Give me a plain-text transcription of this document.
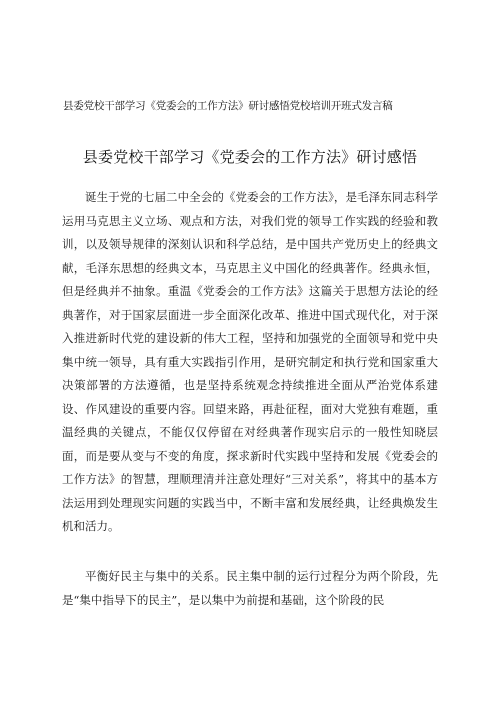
县委党校干部学习《党委会的工作方法》研讨感悟党校培训开班式发言稿
县委党校干部学习《党委会的工作方法》研讨感悟

诞生于党的七届二中全会的《党委会的工作方法》，是毛泽东同志科学运用马克思主义立场、观点和方法，对我们党的领导工作实践的经验和教训，以及领导规律的深刻认识和科学总结，是中国共产党历史上的经典文献，毛泽东思想的经典文本，马克思主义中国化的经典著作。经典永恒，但是经典并不抽象。重温《党委会的工作方法》这篇关于思想方法论的经典著作，对于国家层面进一步全面深化改革、推进中国式现代化，对于深入推进新时代党的建设新的伟大工程，坚持和加强党的全面领导和党中央集中统一领导，具有重大实践指引作用，是研究制定和执行党和国家重大决策部署的方法遵循，也是坚持系统观念持续推进全面从严治党体系建设、作风建设的重要内容。回望来路，再赴征程，面对大党独有难题，重温经典的关键点，不能仅仅停留在对经典著作现实启示的一般性知晓层面，而是要从变与不变的角度，探求新时代实践中坚持和发展《党委会的工作方法》的智慧，理顺理清并注意处理好“三对关系”，将其中的基本方法运用到处理现实问题的实践当中，不断丰富和发展经典，让经典焕发生机和活力。

平衡好民主与集中的关系。民主集中制的运行过程分为两个阶段，先是“集中指导下的民主”，是以集中为前提和基础，这个阶段的民
